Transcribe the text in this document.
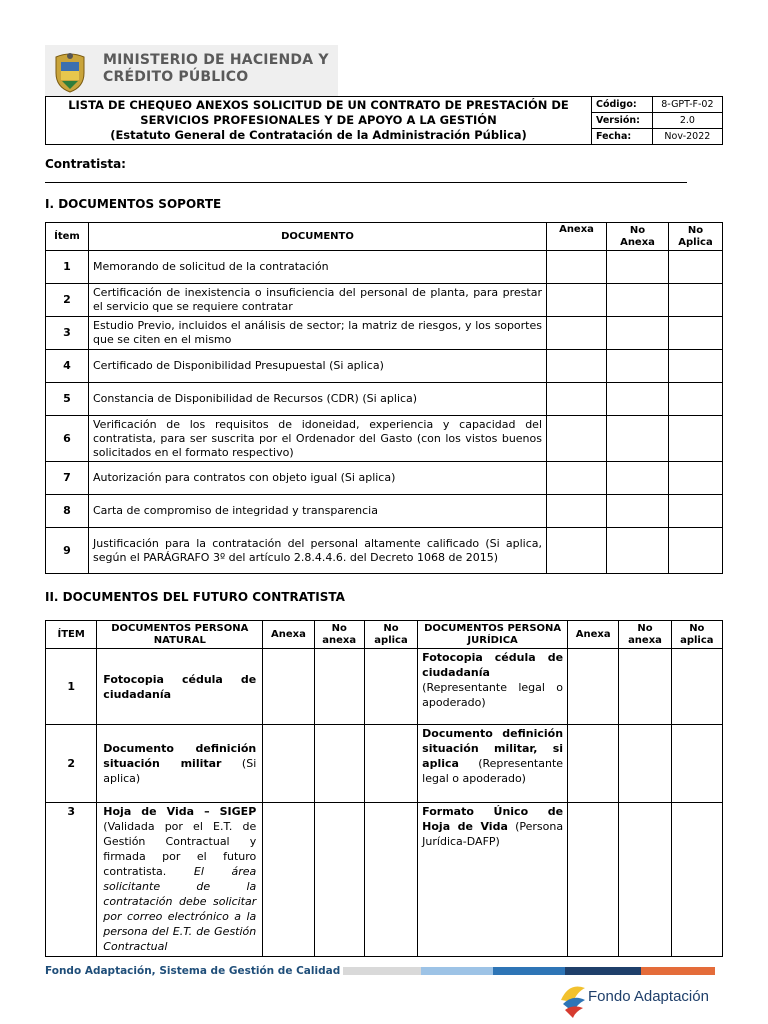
MINISTERIO DE HACIENDA Y
CRÉDITO PÚBLICO
LISTA DE CHEQUEO ANEXOS SOLICITUD DE UN CONTRATO DE PRESTACIÓN DE
SERVICIOS PROFESIONALES Y DE APOYO A LA GESTIÓN
(Estatuto General de Contratación de la Administración Pública)	Código:	8-GPT-F-02
	Versión:	2.0
	Fecha:	Nov-2022
Contratista:
I. DOCUMENTOS SOPORTE
Ítem	DOCUMENTO	Anexa	No Anexa	No Aplica
1	Memorando de solicitud de la contratación			
2	Certificación de inexistencia o insuficiencia del personal de planta, para prestar el servicio que se requiere contratar			
3	Estudio Previo, incluidos el análisis de sector; la matriz de riesgos, y los soportes que se citen en el mismo			
4	Certificado de Disponibilidad Presupuestal (Si aplica)			
5	Constancia de Disponibilidad de Recursos (CDR) (Si aplica)			
6	Verificación de los requisitos de idoneidad, experiencia y capacidad del contratista, para ser suscrita por el Ordenador del Gasto (con los vistos buenos solicitados en el formato respectivo)			
7	Autorización para contratos con objeto igual (Si aplica)			
8	Carta de compromiso de integridad y transparencia			
9	Justificación para la contratación del personal altamente calificado (Si aplica, según el PARÁGRAFO 3º del artículo 2.8.4.4.6. del Decreto 1068 de 2015)			
II. DOCUMENTOS DEL FUTURO CONTRATISTA
ÍTEM	DOCUMENTOS PERSONA NATURAL	Anexa	No anexa	No aplica	DOCUMENTOS PERSONA JURÍDICA	Anexa	No anexa	No aplica
1	Fotocopia cédula de ciudadanía				Fotocopia cédula de ciudadanía (Representante legal o apoderado)			
2	Documento definición situación militar (Si aplica)				Documento definición situación militar, si aplica (Representante legal o apoderado)			
3	Hoja de Vida – SIGEP (Validada por el E.T. de Gestión Contractual y firmada por el futuro contratista. El área solicitante de la contratación debe solicitar por correo electrónico a la persona del E.T. de Gestión Contractual				Formato Único de Hoja de Vida (Persona Jurídica-DAFP)			
Fondo Adaptación, Sistema de Gestión de Calidad
Fondo Adaptación
